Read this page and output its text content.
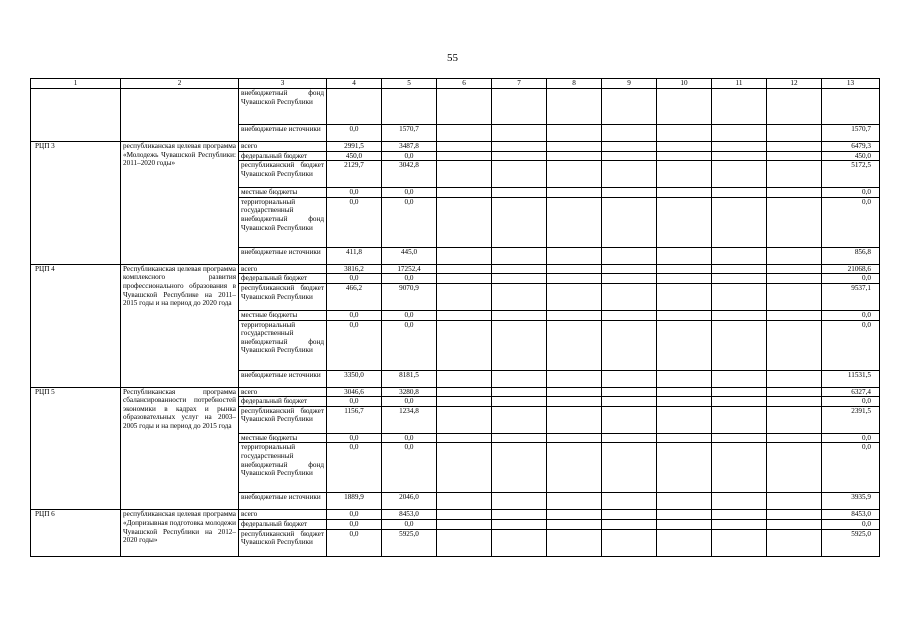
55
1	2	3	4	5	6	7	8	9	10	11	12	13
		внебюджетный фонд Чувашской Республики										
		внебюджетные источники	0,0	1570,7								1570,7
РЦП 3	республиканская целевая программа «Молодежь Чувашской Республики: 2011–2020 годы»	всего	2991,5	3487,8								6479,3
		федеральный бюджет	450,0	0,0								450,0
		республиканский бюджет Чувашской Республики	2129,7	3042,8								5172,5
		местные бюджеты	0,0	0,0								0,0
		территориальный государственный внебюджетный фонд Чувашской Республики	0,0	0,0								0,0
		внебюджетные источники	411,8	445,0								856,8
РЦП 4	Республиканская целевая программа комплексного развития профессионального образования в Чувашской Республике на 2011–2015 годы и на период до 2020 года	всего	3816,2	17252,4								21068,6
		федеральный бюджет	0,0	0,0								0,0
		республиканский бюджет Чувашской Республики	466,2	9070,9								9537,1
		местные бюджеты	0,0	0,0								0,0
		территориальный государственный внебюджетный фонд Чувашской Республики	0,0	0,0								0,0
		внебюджетные источники	3350,0	8181,5								11531,5
РЦП 5	Республиканская программа сбалансированности потребностей экономики в кадрах и рынка образовательных услуг на 2003–2005 годы и на период до 2015 года	всего	3046,6	3280,8								6327,4
		федеральный бюджет	0,0	0,0								0,0
		республиканский бюджет Чувашской Республики	1156,7	1234,8								2391,5
		местные бюджеты	0,0	0,0								0,0
		территориальный государственный внебюджетный фонд Чувашской Республики	0,0	0,0								0,0
		внебюджетные источники	1889,9	2046,0								3935,9
РЦП 6	республиканская целевая программа «Допризывная подготовка молодежи Чувашской Республики на 2012–2020 годы»	всего	0,0	8453,0								8453,0
		федеральный бюджет	0,0	0,0								0,0
		республиканский бюджет Чувашской Республики	0,0	5925,0								5925,0
